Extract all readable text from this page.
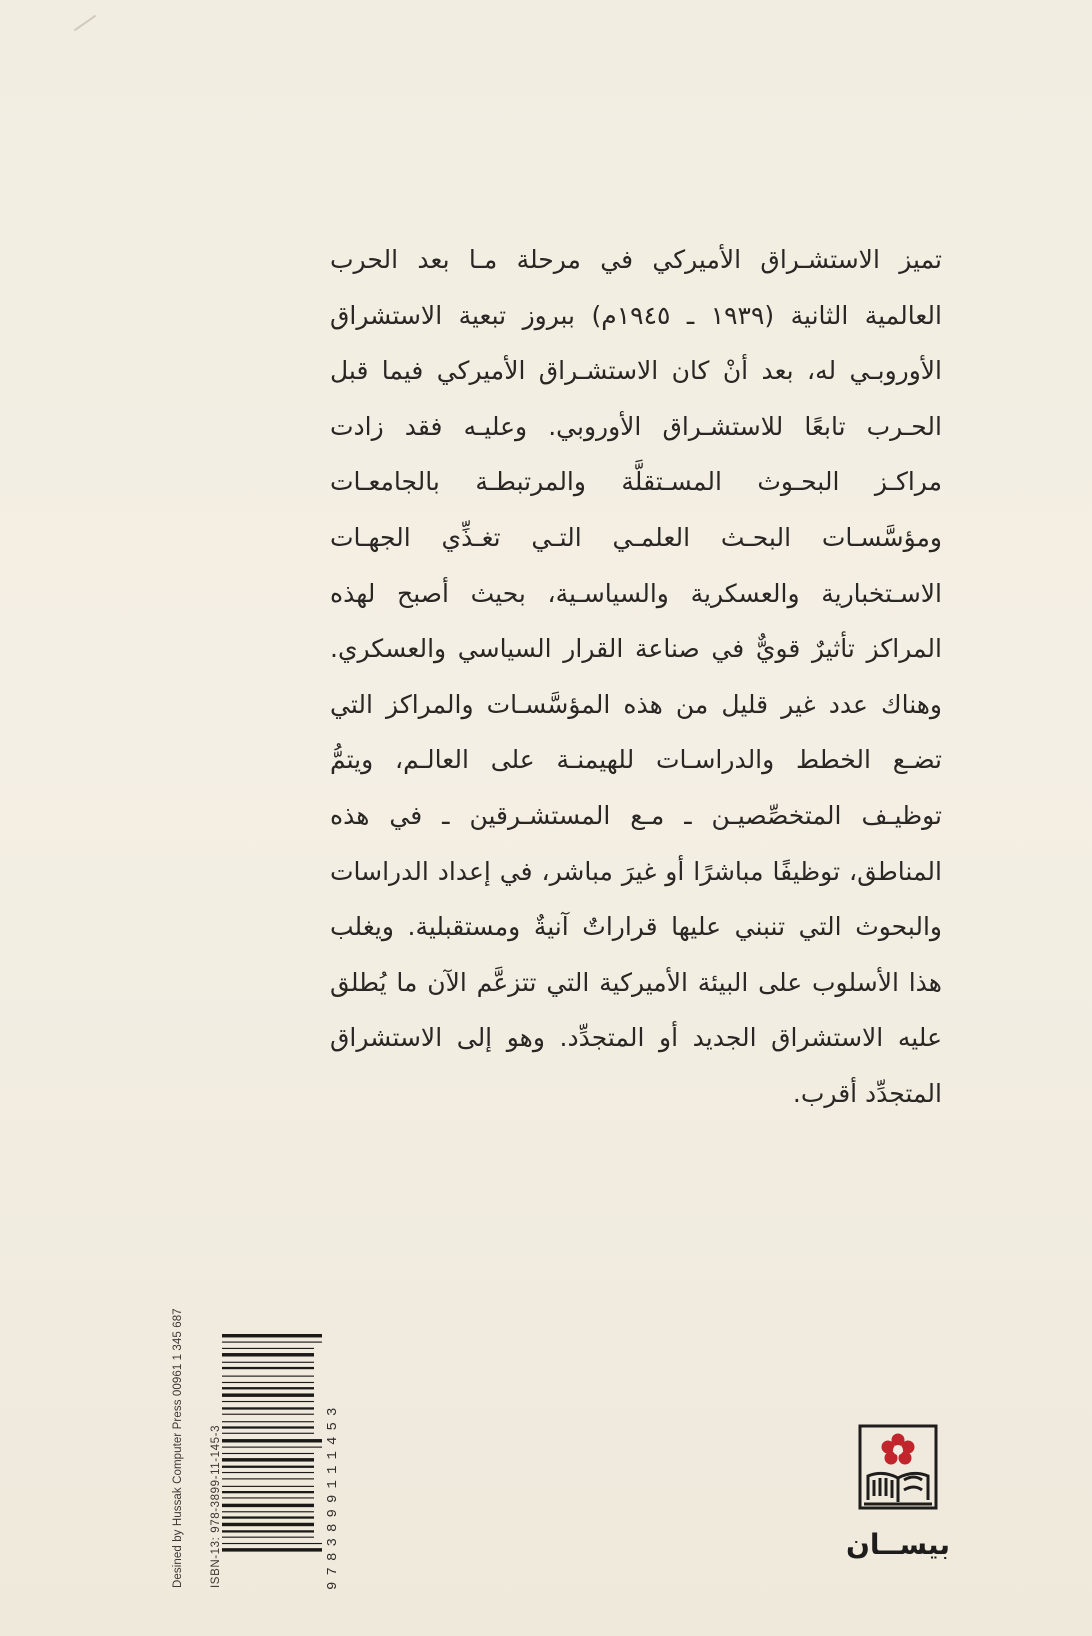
تميز الاستشـراق الأميركي في مرحلة مـا بعد الحرب
العالمية الثانية (١٩٣٩ ـ ١٩٤٥م) ببروز تبعية الاستشراق
الأوروبـي له، بعد أنْ كان الاستشـراق الأميركي فيما قبل
الحـرب تابعًا للاستشـراق الأوروبي. وعليـه فقد زادت
مراكـز البحـوث المسـتقلَّة والمرتبطـة بالجامعـات
ومؤسَّسـات البحـث العلمـي التـي تغـذِّي الجهـات
الاسـتخبارية والعسكرية والسياسـية، بحيث أصبح لهذه
المراكز تأثيرٌ قويٌّ في صناعة القرار السياسي والعسكري.
وهناك عدد غير قليل من هذه المؤسَّسـات والمراكز التي
تضـع الخطط والدراسـات للهيمنـة على العالـم، ويتمُّ
توظيـف المتخصِّصيـن ـ مـع المستشـرقين ـ في هذه
المناطق، توظيفًا مباشرًا أو غيرَ مباشر، في إعداد الدراسات
والبحوث التي تنبني عليها قراراتٌ آنيةٌ ومستقبلية. ويغلب
هذا الأسلوب على البيئة الأميركية التي تتزعَّم الآن ما يُطلق
عليه الاستشراق الجديد أو المتجدِّد. وهو إلى الاستشراق
المتجدِّد أقرب.
Desined by Hussak Computer Press 00961 1 345 687 ISBN-13: 978-3899-11-145-3	9783899111453	بيســان
